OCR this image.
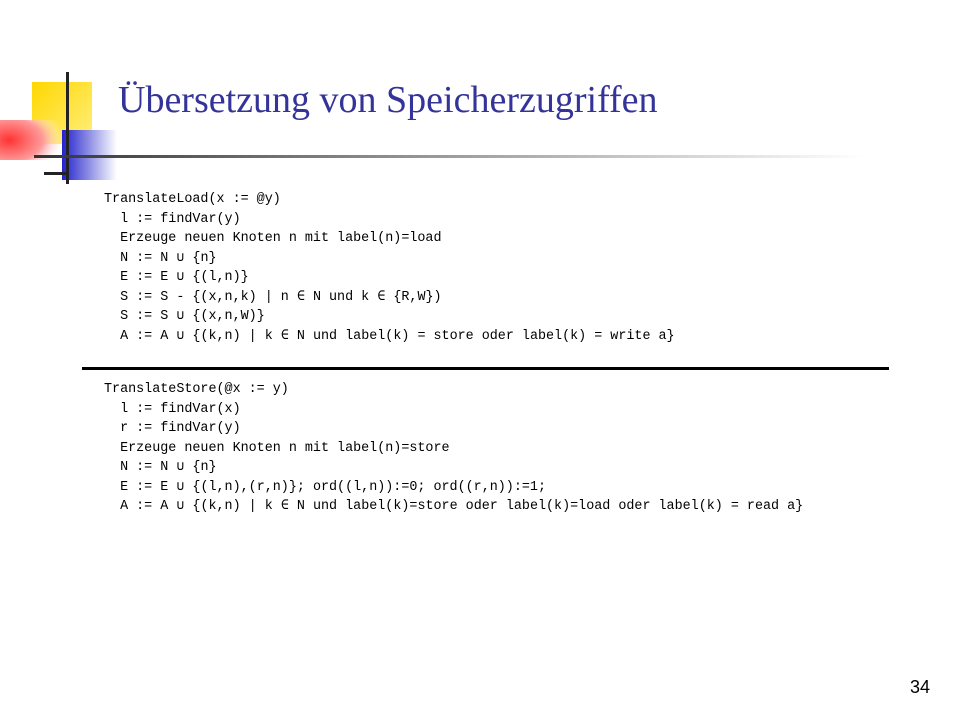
Übersetzung von Speicherzugriffen
TranslateLoad(x := @y)
l := findVar(y)
Erzeuge neuen Knoten n mit label(n)=load
N := N ∪ {n}
E := E ∪ {(l,n)}
S := S - {(x,n,k) | n ∈ N und k ∈ {R,W})
S := S ∪ {(x,n,W)}
A := A ∪ {(k,n) | k ∈ N und label(k) = store oder label(k) = write a}
TranslateStore(@x := y)
l := findVar(x)
r := findVar(y)
Erzeuge neuen Knoten n mit label(n)=store
N := N ∪ {n}
E := E ∪ {(l,n),(r,n)}; ord((l,n)):=0; ord((r,n)):=1;
A := A ∪ {(k,n) | k ∈ N und label(k)=store oder label(k)=load oder label(k) = read a}
34
